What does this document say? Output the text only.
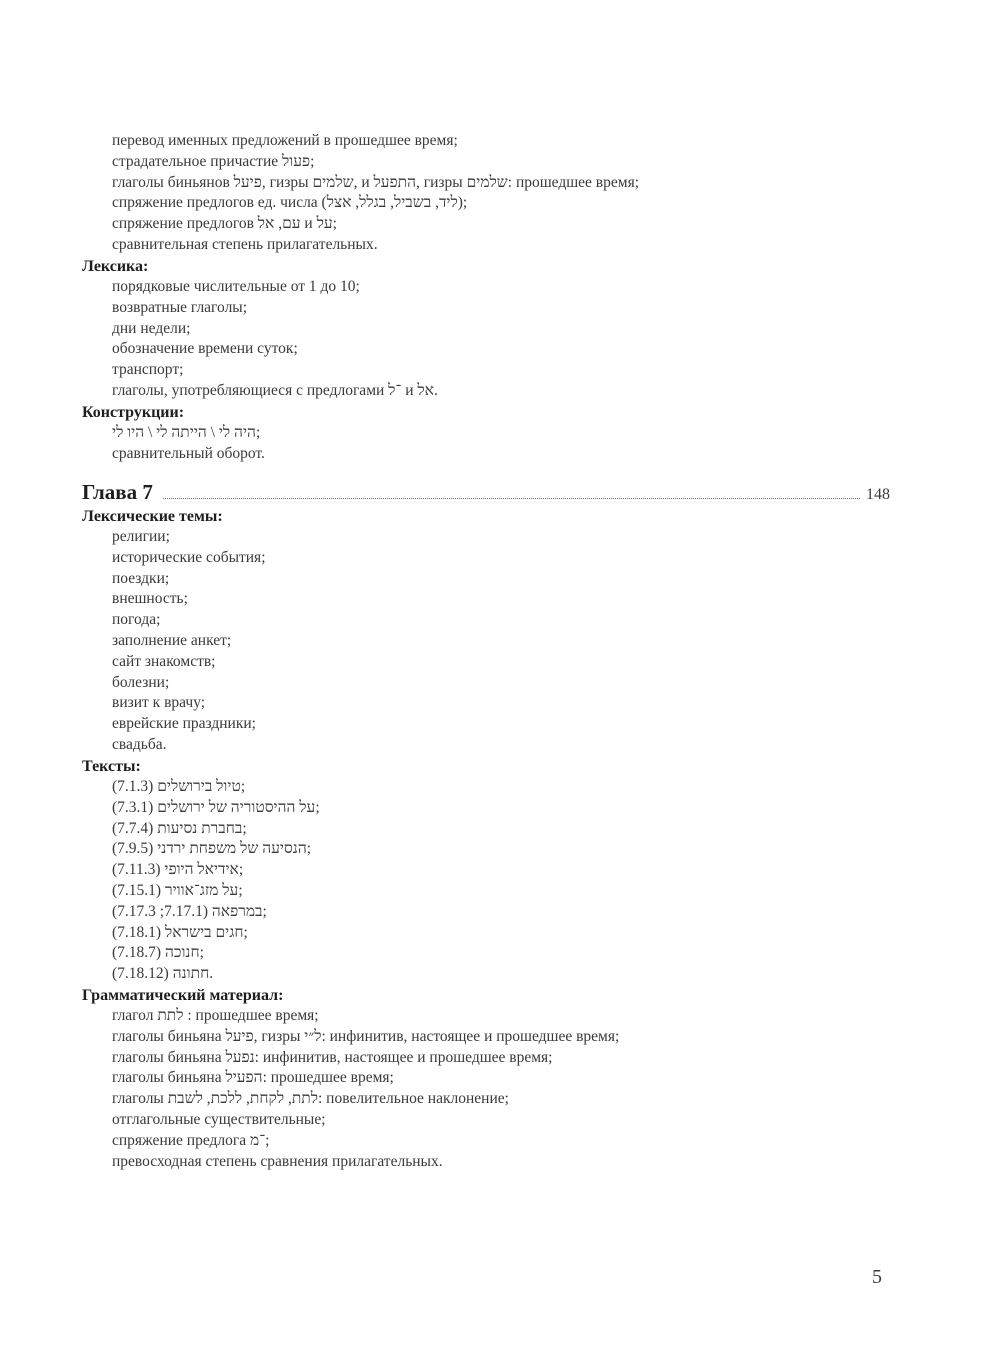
перевод именных предложений в прошедшее время;
страдательное причастие פעול;
глаголы биньянов פיעל, гизры שלמים, и התפעל, гизры שלמים: прошедшее время;
спряжение предлогов ед. числа (ליד, בשביל, בגלל, אצל);
спряжение предлогов עם, אל и על;
сравнительная степень прилагательных.
Лексика:
порядковые числительные от 1 до 10;
возвратные глаголы;
дни недели;
обозначение времени суток;
транспорт;
глаголы, употребляющиеся с предлогами ־ל и אל.
Конструкции:
היה לי \ הייתה לי \ היו לי;
сравнительный оборот.
Глава 7	148
Лексические темы:
религии;
исторические события;
поездки;
внешность;
погода;
заполнение анкет;
сайт знакомств;
болезни;
визит к врачу;
еврейские праздники;
свадьба.
Тексты:
טיול בירושלים (7.1.3);
על ההיסטוריה של ירושלים (7.3.1);
בחברת נסיעות (7.7.4);
הנסיעה של משפחת ירדני (7.9.5);
אידיאל היופי (7.11.3);
על מזג־אוויר (7.15.1);
במרפאה (7.17.1; 7.17.3);
חגים בישראל (7.18.1);
חנוכה (7.18.7);
חתונה (7.18.12).
Грамматический материал:
глагол לתת : прошедшее время;
глаголы биньяна פיעל, гизры ל״י: инфинитив, настоящее и прошедшее время;
глаголы биньяна נפעל: инфинитив, настоящее и прошедшее время;
глаголы биньяна הפעיל: прошедшее время;
глаголы לתת, לקחת, ללכת, לשבת: повелительное наклонение;
отглагольные существительные;
спряжение предлога ־מ;
превосходная степень сравнения прилагательных.
5
